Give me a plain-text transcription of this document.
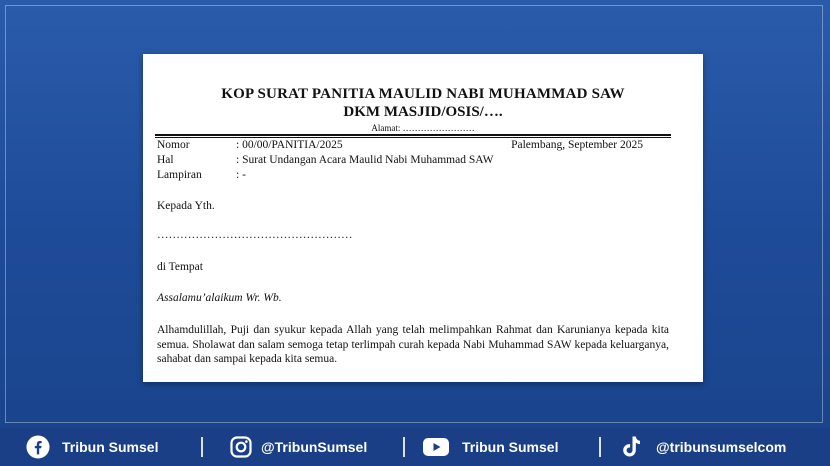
KOP SURAT PANITIA MAULID NABI MUHAMMAD SAW
DKM MASJID/OSIS/….
Alamat: ……………………
Nomor	: 00/00/PANITIA/2025	Palembang, September 2025
Hal	: Surat Undangan Acara Maulid Nabi Muhammad SAW
Lampiran	: -
Kepada Yth.
……………………………………………
di Tempat
Assalamu’alaikum Wr. Wb.
Alhamdulillah, Puji dan syukur kepada Allah yang telah melimpahkan Rahmat dan Karunianya kepada kita semua. Sholawat dan salam semoga tetap terlimpah curah kepada Nabi Muhammad SAW kepada keluarganya, sahabat dan sampai kepada kita semua.
Tribun Sumsel	@TribunSumsel	Tribun Sumsel	@tribunsumselcom
